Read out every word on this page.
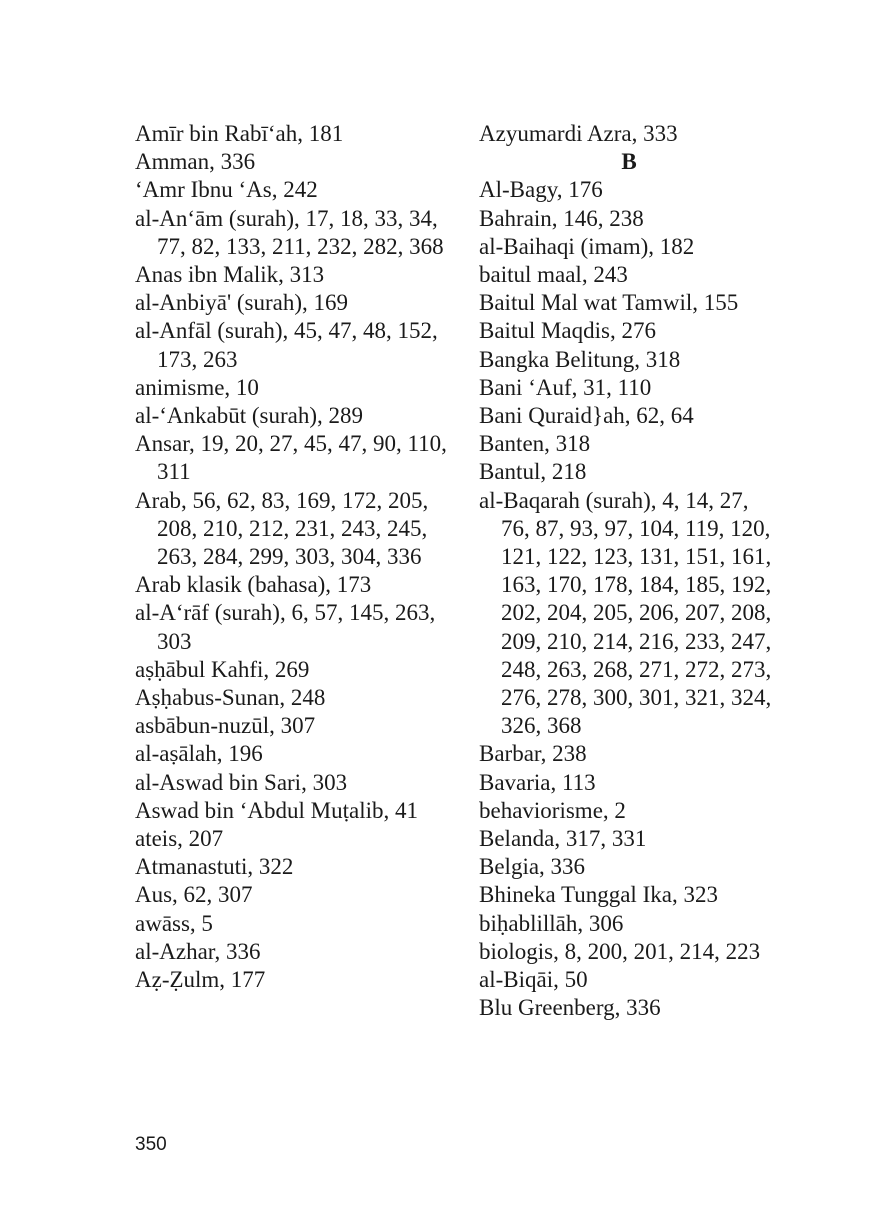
Amīr bin Rabī‘ah, 181

Amman, 336

‘Amr Ibnu ‘As, 242

al-An‘ām (surah), 17, 18, 33, 34, 77, 82, 133, 211, 232, 282, 368

Anas ibn Malik, 313

al-Anbiyā' (surah), 169

al-Anfāl (surah), 45, 47, 48, 152, 173, 263

animisme, 10

al-‘Ankabūt (surah), 289

Ansar, 19, 20, 27, 45, 47, 90, 110, 311

Arab, 56, 62, 83, 169, 172, 205, 208, 210, 212, 231, 243, 245, 263, 284, 299, 303, 304, 336

Arab klasik (bahasa), 173

al-A‘rāf (surah), 6, 57, 145, 263, 303

aṣḥābul Kahfi, 269

Aṣḥabus-Sunan, 248

asbābun-nuzūl, 307

al-aṣālah, 196

al-Aswad bin Sari, 303

Aswad bin ‘Abdul Muṭalib, 41

ateis, 207

Atmanastuti, 322

Aus, 62, 307

awāss, 5

al-Azhar, 336

Aẓ-Ẓulm, 177

Azyumardi Azra, 333

B

Al-Bagy, 176

Bahrain, 146, 238

al-Baihaqi (imam), 182

baitul maal, 243

Baitul Mal wat Tamwil, 155

Baitul Maqdis, 276

Bangka Belitung, 318

Bani ‘Auf, 31, 110

Bani Quraid}ah, 62, 64

Banten, 318

Bantul, 218

al-Baqarah (surah), 4, 14, 27, 76, 87, 93, 97, 104, 119, 120, 121, 122, 123, 131, 151, 161, 163, 170, 178, 184, 185, 192, 202, 204, 205, 206, 207, 208, 209, 210, 214, 216, 233, 247, 248, 263, 268, 271, 272, 273, 276, 278, 300, 301, 321, 324, 326, 368

Barbar, 238

Bavaria, 113

behaviorisme, 2

Belanda, 317, 331

Belgia, 336

Bhineka Tunggal Ika, 323

biḥablillāh, 306

biologis, 8, 200, 201, 214, 223

al-Biqāi, 50

Blu Greenberg, 336

350
